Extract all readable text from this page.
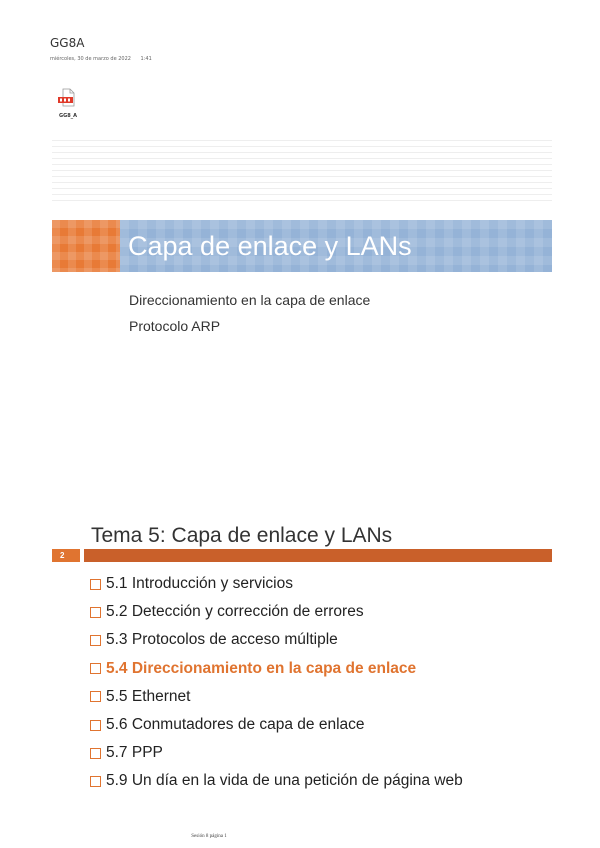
GG8A
miércoles, 30 de marzo de 2022 1:41
GG8_A
Capa de enlace y LANs
Direccionamiento en la capa de enlace
Protocolo ARP
Tema 5: Capa de enlace y LANs
2
5.1 Introducción y servicios
5.2 Detección y corrección de errores
5.3 Protocolos de acceso múltiple
5.4 Direccionamiento en la capa de enlace
5.5 Ethernet
5.6 Conmutadores de capa de enlace
5.7 PPP
5.9 Un día en la vida de una petición de página web
Sesión 8 página 1
